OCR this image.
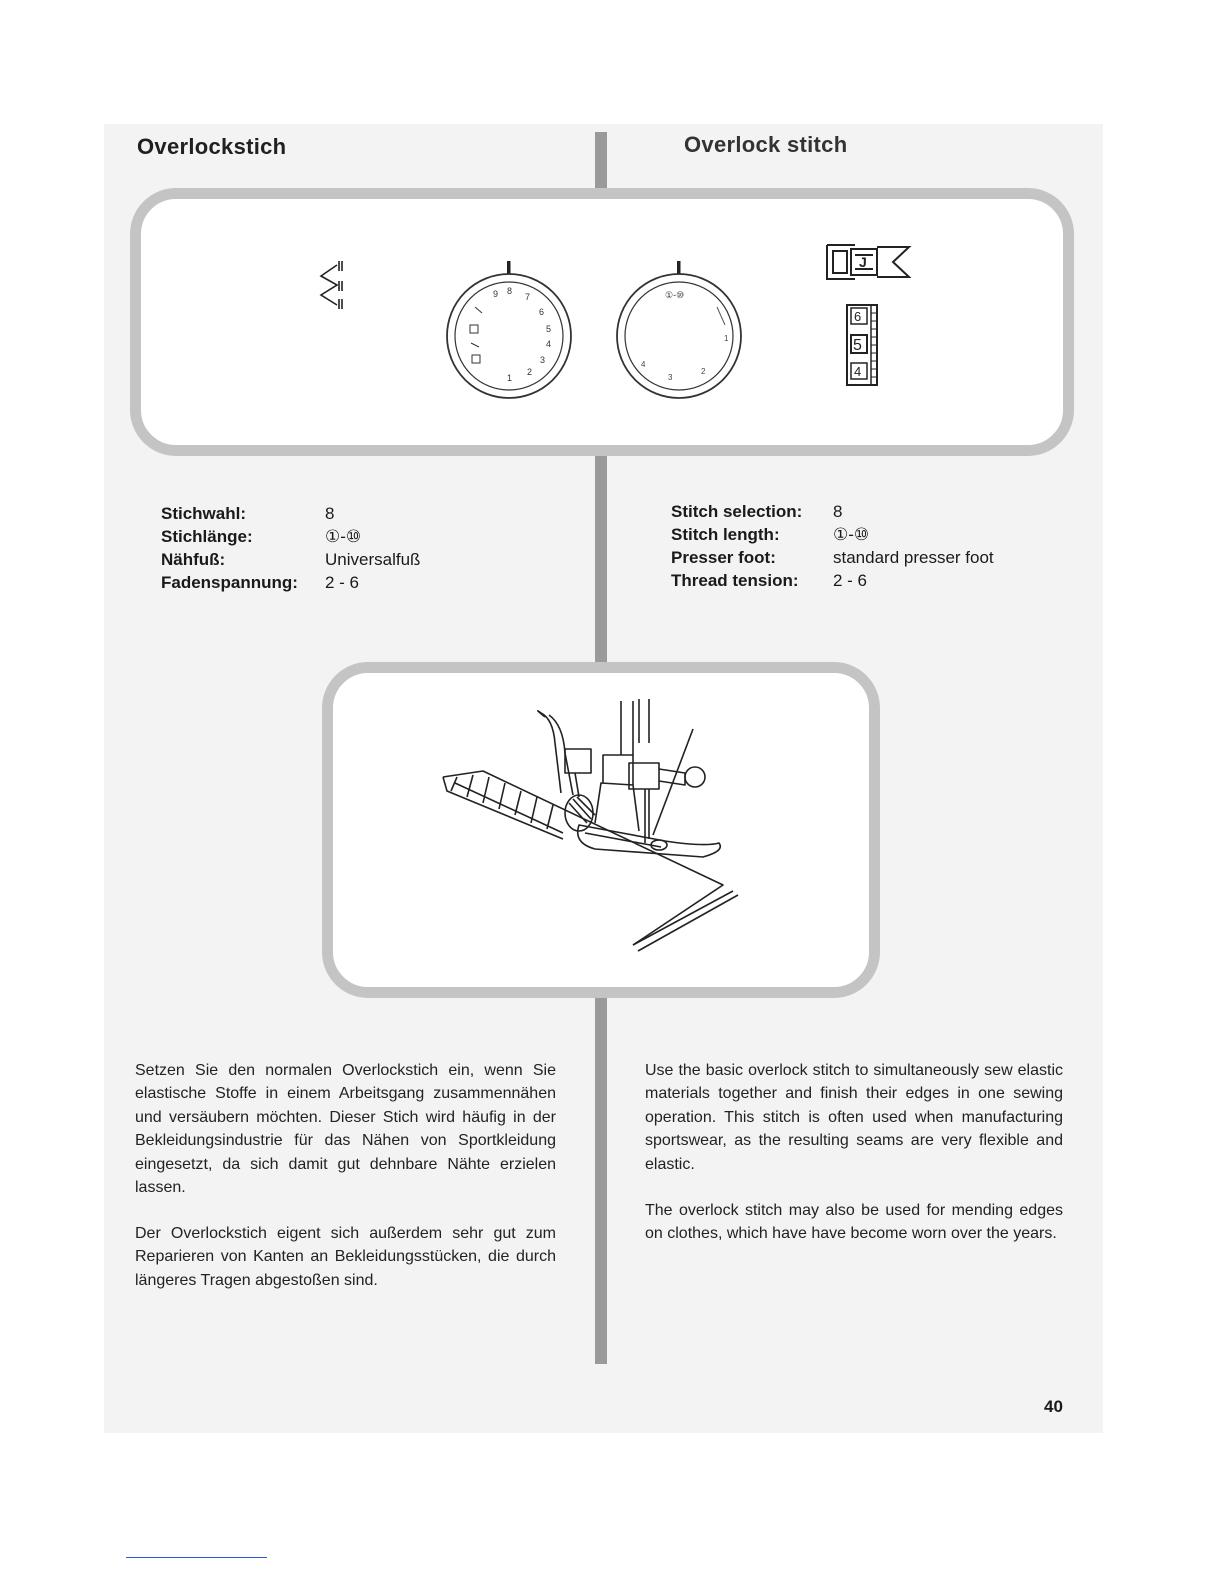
Overlockstich	Overlock stitch
9 8
7
6
5
4
3
2
1
①-⑩
4
3
2
1
J
6
5
4
Stichwahl:	8
Stichlänge:	①-⑩
Nähfuß:	Universalfuß
Fadenspannung:	2 - 6
Stitch selection:	8
Stitch length:	①-⑩
Presser foot:	standard presser foot
Thread tension:	2 - 6

Setzen Sie den normalen Overlockstich ein, wenn Sie elastische Stoffe in einem Arbeitsgang zusammennähen und versäubern möchten. Dieser Stich wird häufig in der Bekleidungsindustrie für das Nähen von Sportkleidung eingesetzt, da sich damit gut dehnbare Nähte erzielen lassen.

Der Overlockstich eigent sich außerdem sehr gut zum Reparieren von Kanten an Bekleidungsstücken, die durch längeres Tragen abgestoßen sind.

Use the basic overlock stitch to simultaneously sew elastic materials together and finish their edges in one sewing operation. This stitch is often used when manufacturing sportswear, as the resulting seams are very flexible and elastic.

The overlock stitch may also be used for mending edges on clothes, which have have become worn over the years.

40
